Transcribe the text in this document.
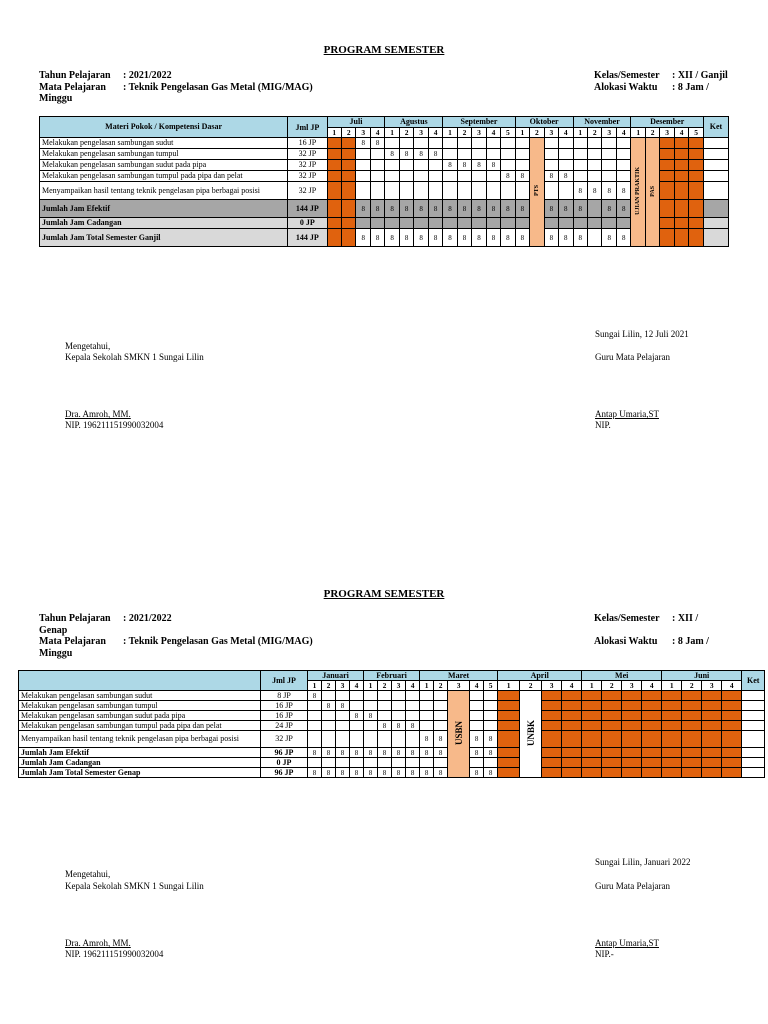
PROGRAM SEMESTER
Tahun Pelajaran : 2021/2022
Mata Pelajaran : Teknik Pengelasan Gas Metal (MIG/MAG)
Minggu
Kelas/Semester : XII / Ganjil
Alokasi Waktu : 8 Jam /
Materi Pokok / Kompetensi Dasar	Jml JP	Juli				Agustus				September					Oktober				November				Desember					Ket
		1	2	3	4	1	2	3	4	1	2	3	4	5	1	2	3	4	1	2	3	4	1	2	3	4	5	
Melakukan pengelasan sambungan sudut	16 JP			8	8											PTS							UJIAN PRAKTIK	PAS				
Melakukan pengelasan sambungan tumpul	32 JP					8	8	8	8																			
Melakukan pengelasan sambungan sudut pada pipa	32 JP									8	8	8	8															
Melakukan pengelasan sambungan tumpul pada pipa dan pelat	32 JP													8	8		8	8										
Menyampaikan hasil tentang teknik pengelasan pipa berbagai posisi	32 JP																		8	8	8	8						
Jumlah Jam Efektif	144 JP			8	8	8	8	8	8	8	8	8	8	8	8		8	8	8		8	8						
Jumlah Jam Cadangan	0 JP																											
Jumlah Jam Total Semester Ganjil	144 JP			8	8	8	8	8	8	8	8	8	8	8	8		8	8	8		8	8						
Sungai Lilin, 12 Juli 2021
Mengetahui,
Kepala Sekolah SMKN 1 Sungai Lilin	Guru Mata Pelajaran
Dra. Amroh, MM.
NIP. 196211151990032004
Antap Umaria,ST
NIP.
PROGRAM SEMESTER
Tahun Pelajaran : 2021/2022
Genap
Mata Pelajaran : Teknik Pengelasan Gas Metal (MIG/MAG)
Minggu
Kelas/Semester : XII /
Alokasi Waktu : 8 Jam /
	Jml JP	Januari				Februari				Maret					April				Mei				Juni				Ket
		1	2	3	4	1	2	3	4	1	2	3	4	5	1	2	3	4	1	2	3	4	1	2	3	4	
Melakukan pengelasan sambungan sudut	8 JP	8										USBN				UNBK											
Melakukan pengelasan sambungan tumpul	16 JP		8	8																							
Melakukan pengelasan sambungan sudut pada pipa	16 JP				8	8																					
Melakukan pengelasan sambungan tumpul pada pipa dan pelat	24 JP						8	8	8																		
Menyampaikan hasil tentang teknik pengelasan pipa berbagai posisi	32 JP									8	8		8	8													
Jumlah Jam Efektif	96 JP	8	8	8	8	8	8	8	8	8	8		8	8													
Jumlah Jam Cadangan	0 JP																										
Jumlah Jam Total Semester Genap	96 JP	8	8	8	8	8	8	8	8	8	8		8	8													
Sungai Lilin, Januari 2022
Mengetahui,
Kepala Sekolah SMKN 1 Sungai Lilin	Guru Mata Pelajaran
Dra. Amroh, MM.
NIP. 196211151990032004
Antap Umaria,ST
NIP.-
